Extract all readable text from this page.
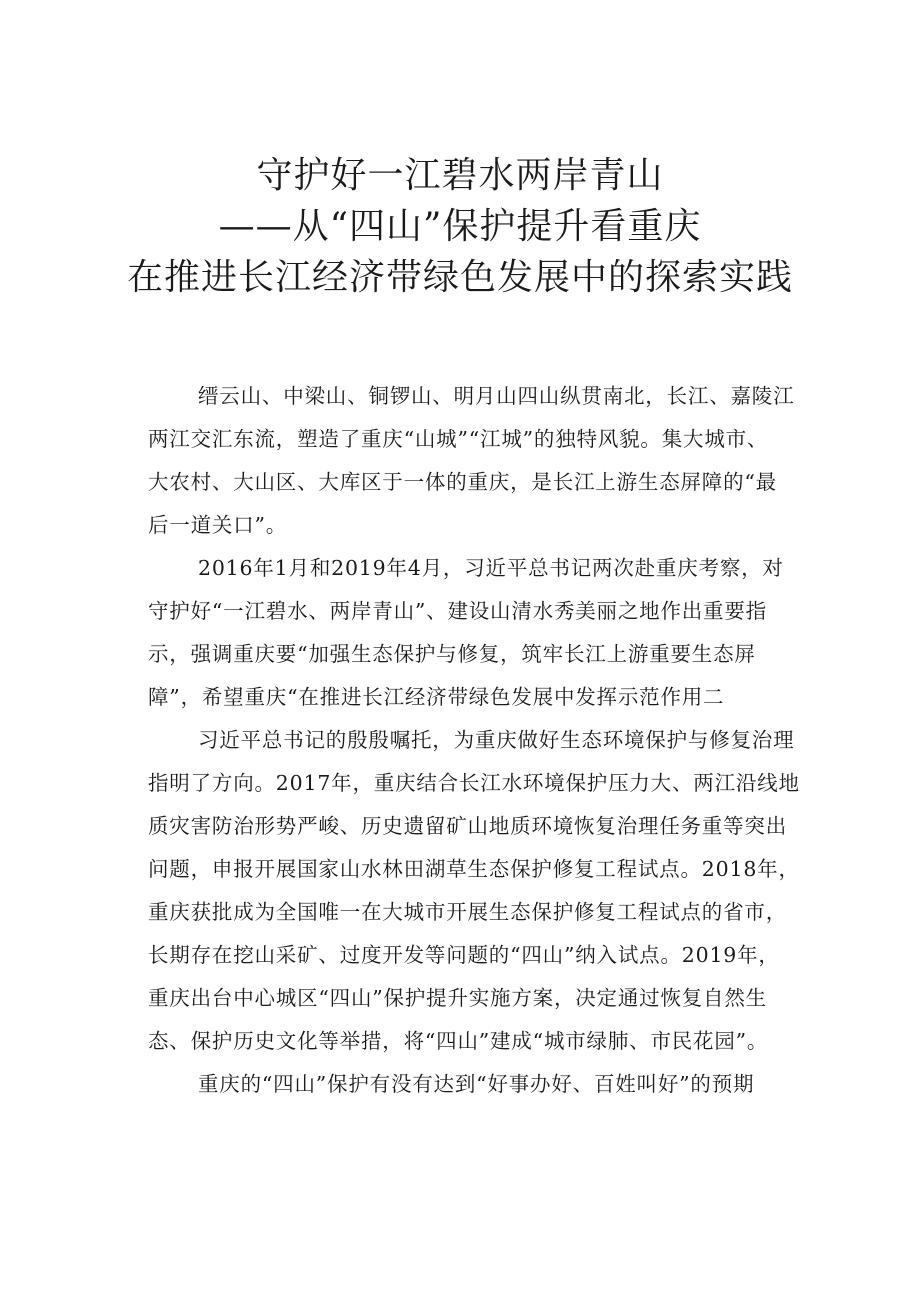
守护好一江碧水两岸青山
——从“四山”保护提升看重庆
在推进长江经济带绿色发展中的探索实践
缙云山、中梁山、铜锣山、明月山四山纵贯南北，长江、嘉陵江
两江交汇东流，塑造了重庆“山城”“江城”的独特风貌。集大城市、
大农村、大山区、大库区于一体的重庆，是长江上游生态屏障的“最
后一道关口”。
2016年1月和2019年4月，习近平总书记两次赴重庆考察，对
守护好“一江碧水、两岸青山”、建设山清水秀美丽之地作出重要指
示，强调重庆要“加强生态保护与修复，筑牢长江上游重要生态屏
障”，希望重庆“在推进长江经济带绿色发展中发挥示范作用二
习近平总书记的殷殷嘱托，为重庆做好生态环境保护与修复治理
指明了方向。2017年，重庆结合长江水环境保护压力大、两江沿线地
质灾害防治形势严峻、历史遗留矿山地质环境恢复治理任务重等突出
问题，申报开展国家山水林田湖草生态保护修复工程试点。2018年，
重庆获批成为全国唯一在大城市开展生态保护修复工程试点的省市，
长期存在挖山采矿、过度开发等问题的“四山”纳入试点。2019年，
重庆出台中心城区“四山”保护提升实施方案，决定通过恢复自然生
态、保护历史文化等举措，将“四山”建成“城市绿肺、市民花园”。
重庆的“四山”保护有没有达到“好事办好、百姓叫好”的预期
